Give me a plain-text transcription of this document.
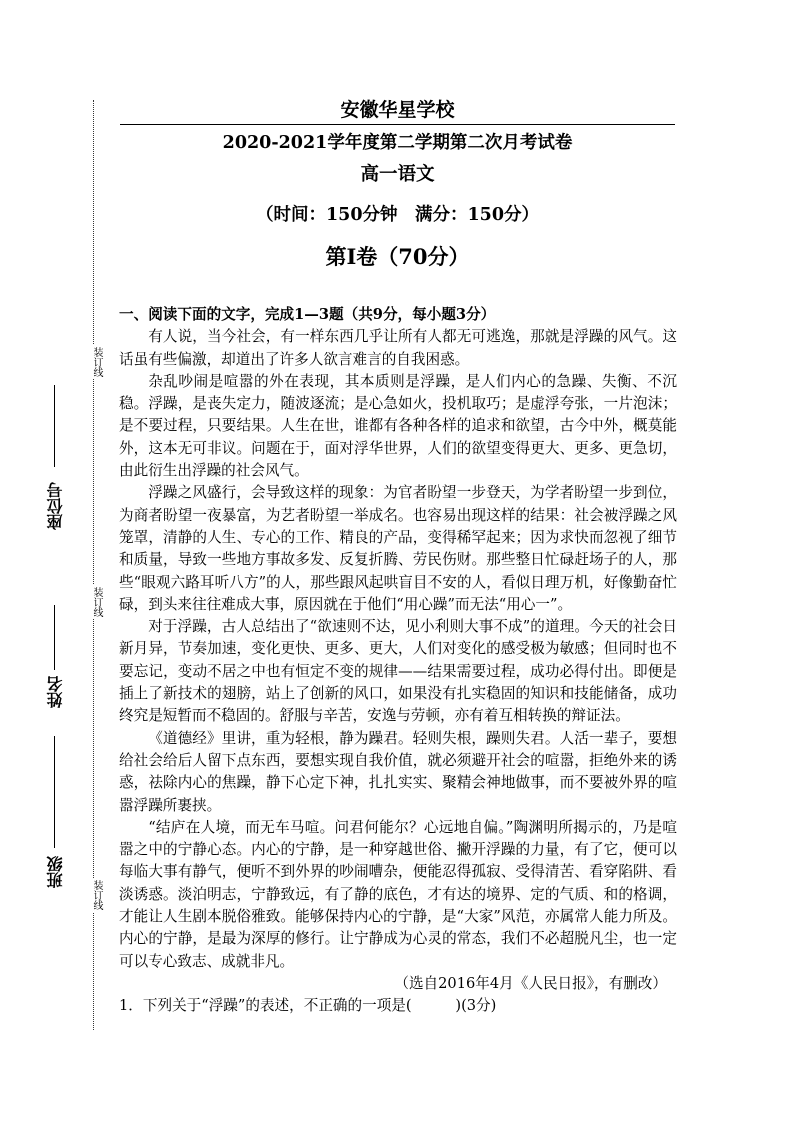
装订线
装订线
装订线
座位号
姓名
班级
安徽华星学校
2020-2021学年度第二学期第二次月考试卷
高一语文
（时间：150分钟　满分：150分）
第Ⅰ卷（70分）

一、阅读下面的文字，完成1—3题（共9分，每小题3分）

有人说，当今社会，有一样东西几乎让所有人都无可逃逸，那就是浮躁的风气。这话虽有些偏激，却道出了许多人欲言难言的自我困惑。

杂乱吵闹是喧嚣的外在表现，其本质则是浮躁，是人们内心的急躁、失衡、不沉稳。浮躁，是丧失定力，随波逐流；是心急如火，投机取巧；是虚浮夸张，一片泡沫；是不要过程，只要结果。人生在世，谁都有各种各样的追求和欲望，古今中外，概莫能外，这本无可非议。问题在于，面对浮华世界，人们的欲望变得更大、更多、更急切，由此衍生出浮躁的社会风气。

浮躁之风盛行，会导致这样的现象：为官者盼望一步登天，为学者盼望一步到位，为商者盼望一夜暴富，为艺者盼望一举成名。也容易出现这样的结果：社会被浮躁之风笼罩，清静的人生、专心的工作、精良的产品，变得稀罕起来；因为求快而忽视了细节和质量，导致一些地方事故多发、反复折腾、劳民伤财。那些整日忙碌赶场子的人，那些“眼观六路耳听八方”的人，那些跟风起哄盲目不安的人，看似日理万机，好像勤奋忙碌，到头来往往难成大事，原因就在于他们“用心躁”而无法“用心一”。

对于浮躁，古人总结出了“欲速则不达，见小利则大事不成”的道理。今天的社会日新月异，节奏加速，变化更快、更多、更大，人们对变化的感受极为敏感；但同时也不要忘记，变动不居之中也有恒定不变的规律——结果需要过程，成功必得付出。即便是插上了新技术的翅膀，站上了创新的风口，如果没有扎实稳固的知识和技能储备，成功终究是短暂而不稳固的。舒服与辛苦，安逸与劳顿，亦有着互相转换的辩证法。

《道德经》里讲，重为轻根，静为躁君。轻则失根，躁则失君。人活一辈子，要想给社会给后人留下点东西，要想实现自我价值，就必须避开社会的喧嚣，拒绝外来的诱惑，祛除内心的焦躁，静下心定下神，扎扎实实、聚精会神地做事，而不要被外界的喧嚣浮躁所裹挟。

“结庐在人境，而无车马喧。问君何能尔？心远地自偏。”陶渊明所揭示的，乃是喧嚣之中的宁静心态。内心的宁静，是一种穿越世俗、撇开浮躁的力量，有了它，便可以每临大事有静气，便听不到外界的吵闹嘈杂，便能忍得孤寂、受得清苦、看穿陷阱、看淡诱惑。淡泊明志，宁静致远，有了静的底色，才有达的境界、定的气质、和的格调，才能让人生剧本脱俗雅致。能够保持内心的宁静，是“大家”风范，亦属常人能力所及。内心的宁静，是最为深厚的修行。让宁静成为心灵的常态，我们不必超脱凡尘，也一定可以专心致志、成就非凡。

（选自2016年4月《人民日报》，有删改）

1．下列关于“浮躁”的表述，不正确的一项是(　　　)(3分)
